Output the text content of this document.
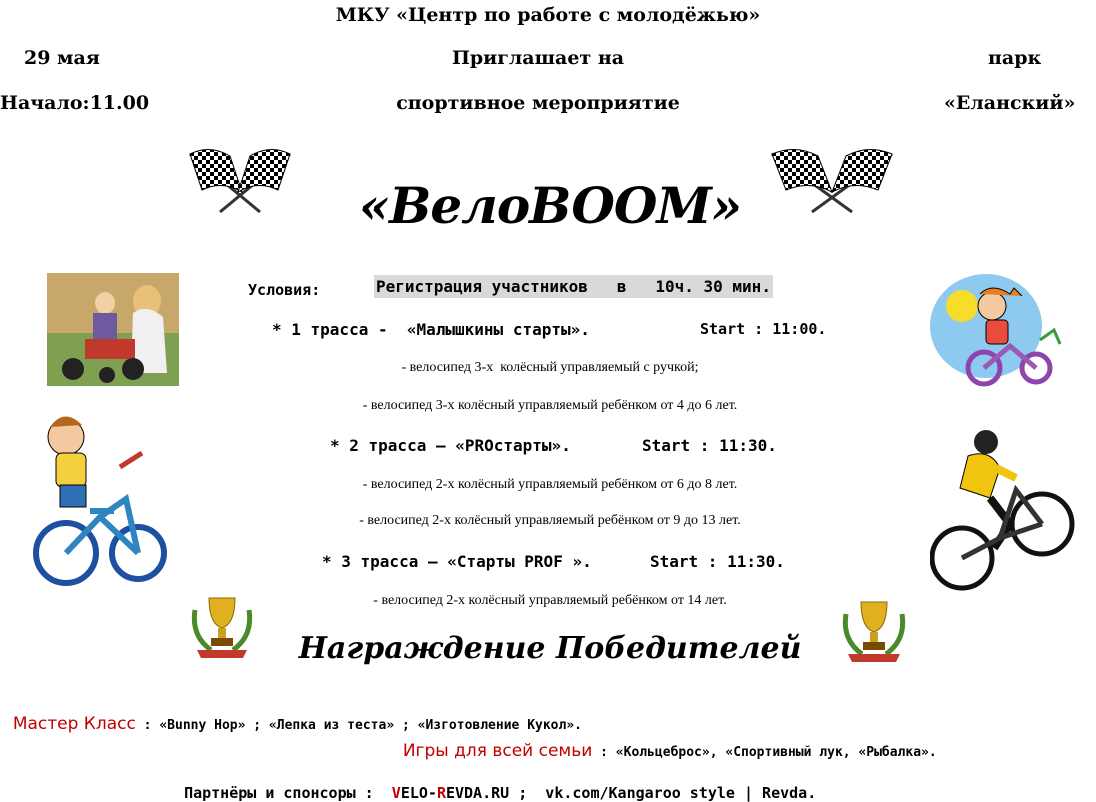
МКУ «Центр по работе с молодёжью»
29 мая	Приглашает на	парк
Начало:11.00	спортивное мероприятие	«Еланский»
«ВелоBOOM»
Условия:	Регистрация участников   в   10ч. 30 мин.
* 1 трасса -  «Малышкины старты».	Start : 11:00.
- велосипед 3-х  колёсный управляемый с ручкой;
- велосипед 3-х колёсный управляемый ребёнком от 4 до 6 лет.
* 2 трасса – «PROстарты».	Start : 11:30.
- велосипед 2-х колёсный управляемый ребёнком от 6 до 8 лет.
- велосипед 2-х колёсный управляемый ребёнком от 9 до 13 лет.
* 3 трасса – «Старты PROF ».	Start : 11:30.
- велосипед 2-х колёсный управляемый ребёнком от 14 лет.
Награждение Победителей

Мастер Класс : «Bunny Hop» ; «Лепка из теста» ; «Изготовление Кукол».

Игры для всей семьи : «Кольцеброс», «Спортивный лук, «Рыбалка».

Партнёры и спонсоры :  VELO-REVDA.RU ;  vk.com/Kangaroo style | Revda.
